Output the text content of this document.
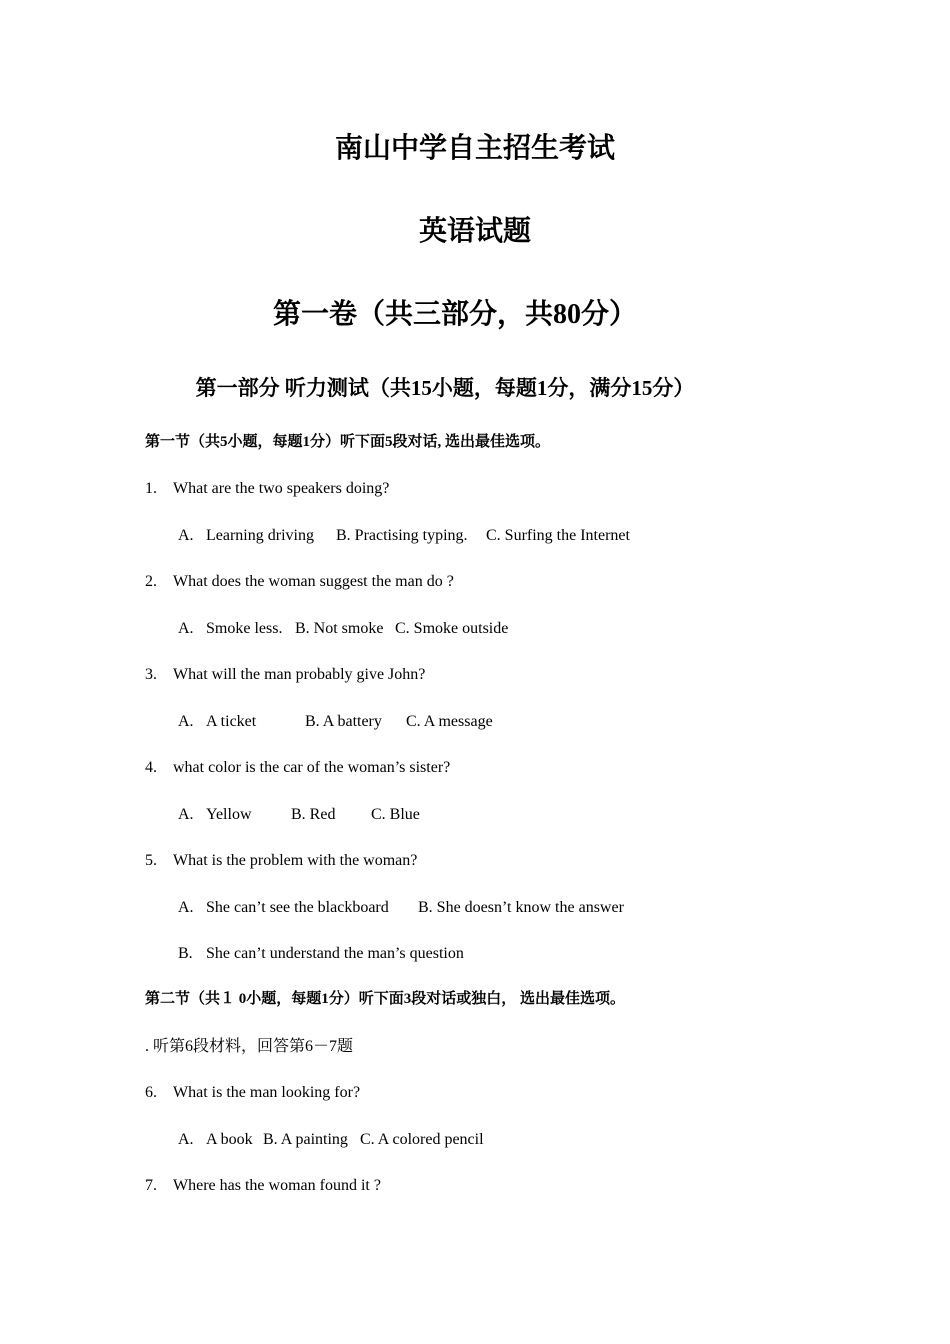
南山中学自主招生考试
英语试题
第一卷（共三部分，共80分）
第一部分 听力测试（共15小题，每题1分，满分15分）
第一节（共5小题，每题1分）听下面5段对话, 选出最佳选项。
1. What are the two speakers doing?
A. Learning driving B. Practising typing. C. Surfing the Internet
2. What does the woman suggest the man do ?
A. Smoke less. B. Not smoke C. Smoke outside
3. What will the man probably give John?
A. A ticket	B. A battery C. A message
4. what color is the car of the woman’s sister?
A. Yellow B. Red C. Blue
5. What is the problem with the woman?
A. She can’t see the blackboard B. She doesn’t know the answer
B. She can’t understand the man’s question
第二节（共１ 0小题，每题1分）听下面3段对话或独白， 选出最佳选项。
. 听第6段材料，回答第6－7题
6. What is the man looking for?
A. A book B. A painting C. A colored pencil
7. Where has the woman found it ?
